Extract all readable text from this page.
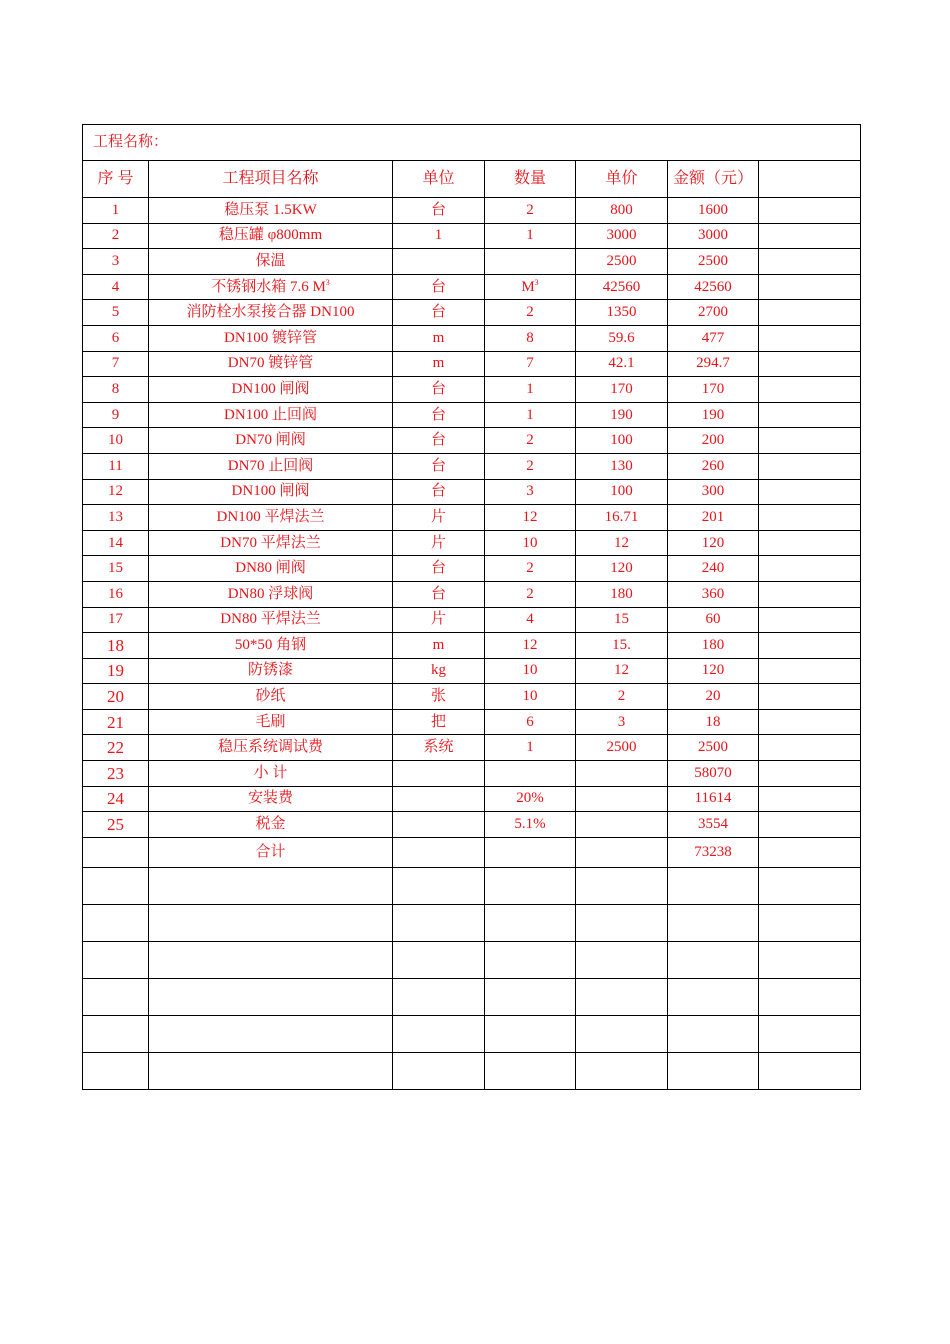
工程名称：						
序 号	工程项目名称	单位	数量	单价	金额（元）	
1	稳压泵 1.5KW	台	2	800	1600	
2	稳压罐 φ800mm	1	1	3000	3000	
3	保温			2500	2500	
4	不锈钢水箱 7.6 $M^3$	台	$M^3$	42560	42560	
5	消防栓水泵接合器 DN100	台	2	1350	2700	
6	DN100 镀锌管	m	8	59.6	477	
7	DN70 镀锌管	m	7	42.1	294.7	
8	DN100 闸阀	台	1	170	170	
9	DN100 止回阀	台	1	190	190	
10	DN70 闸阀	台	2	100	200	
11	DN70 止回阀	台	2	130	260	
12	DN100 闸阀	台	3	100	300	
13	DN100 平焊法兰	片	12	16.71	201	
14	DN70 平焊法兰	片	10	12	120	
15	DN80 闸阀	台	2	120	240	
16	DN80 浮球阀	台	2	180	360	
17	DN80 平焊法兰	片	4	15	60	
18	50*50 角钢	m	12	15.	180	
19	防锈漆	kg	10	12	120	
20	砂纸	张	10	2	20	
21	毛刷	把	6	3	18	
22	稳压系统调试费	系统	1	2500	2500	
23	小 计				58070	
24	安装费		20%		11614	
25	税金		5.1%		3554	
	合计				73238	
